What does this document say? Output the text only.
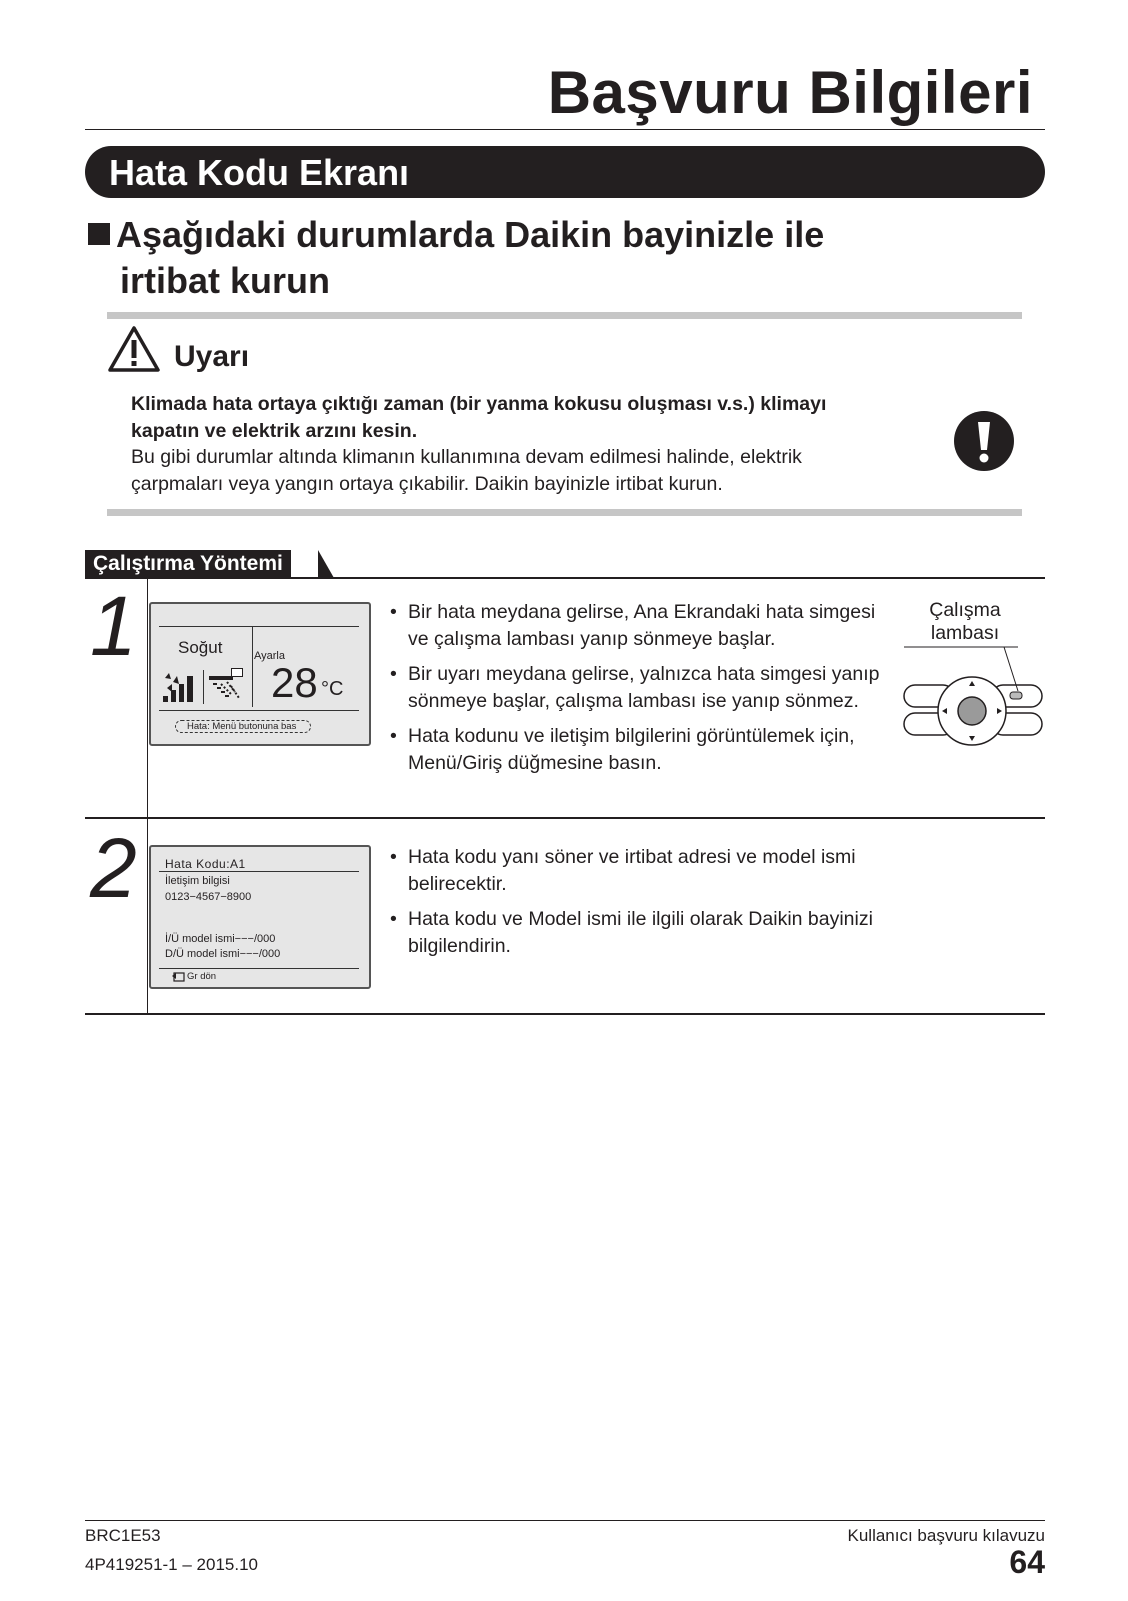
Başvuru Bilgileri
Hata Kodu Ekranı
Aşağıdaki durumlarda Daikin bayinizle ile
irtibat kurun
Uyarı
Klimada hata ortaya çıktığı zaman (bir yanma kokusu oluşması v.s.) klimayı
kapatın ve elektrik arzını kesin.
Bu gibi durumlar altında klimanın kullanımına devam edilmesi halinde, elektrik
çarpmaları veya yangın ortaya çıkabilir. Daikin bayinizle irtibat kurun.
Çalıştırma Yöntemi
1 Soğut	Ayarla
28 °C
Hata: Menü butonuna bas
• Bir hata meydana gelirse, Ana Ekrandaki hata simgesi ve çalışma lambası yanıp sönmeye başlar.
• Bir uyarı meydana gelirse, yalnızca hata simgesi yanıp sönmeye başlar, çalışma lambası ise yanıp sönmez.
• Hata kodunu ve iletişim bilgilerini görüntülemek için, Menü/Giriş düğmesine basın.
Çalışma
lambası
2 Hata Kodu:A1
İletişim bilgisi
0123−4567−8900
İ/Ü model ismi−−−/000
D/Ü model ismi−−−/000
Gr dön
• Hata kodu yanı söner ve irtibat adresi ve model ismi belirecektir.
• Hata kodu ve Model ismi ile ilgili olarak Daikin bayinizi bilgilendirin.
BRC1E53
4P419251-1 – 2015.10
Kullanıcı başvuru kılavuzu
64
